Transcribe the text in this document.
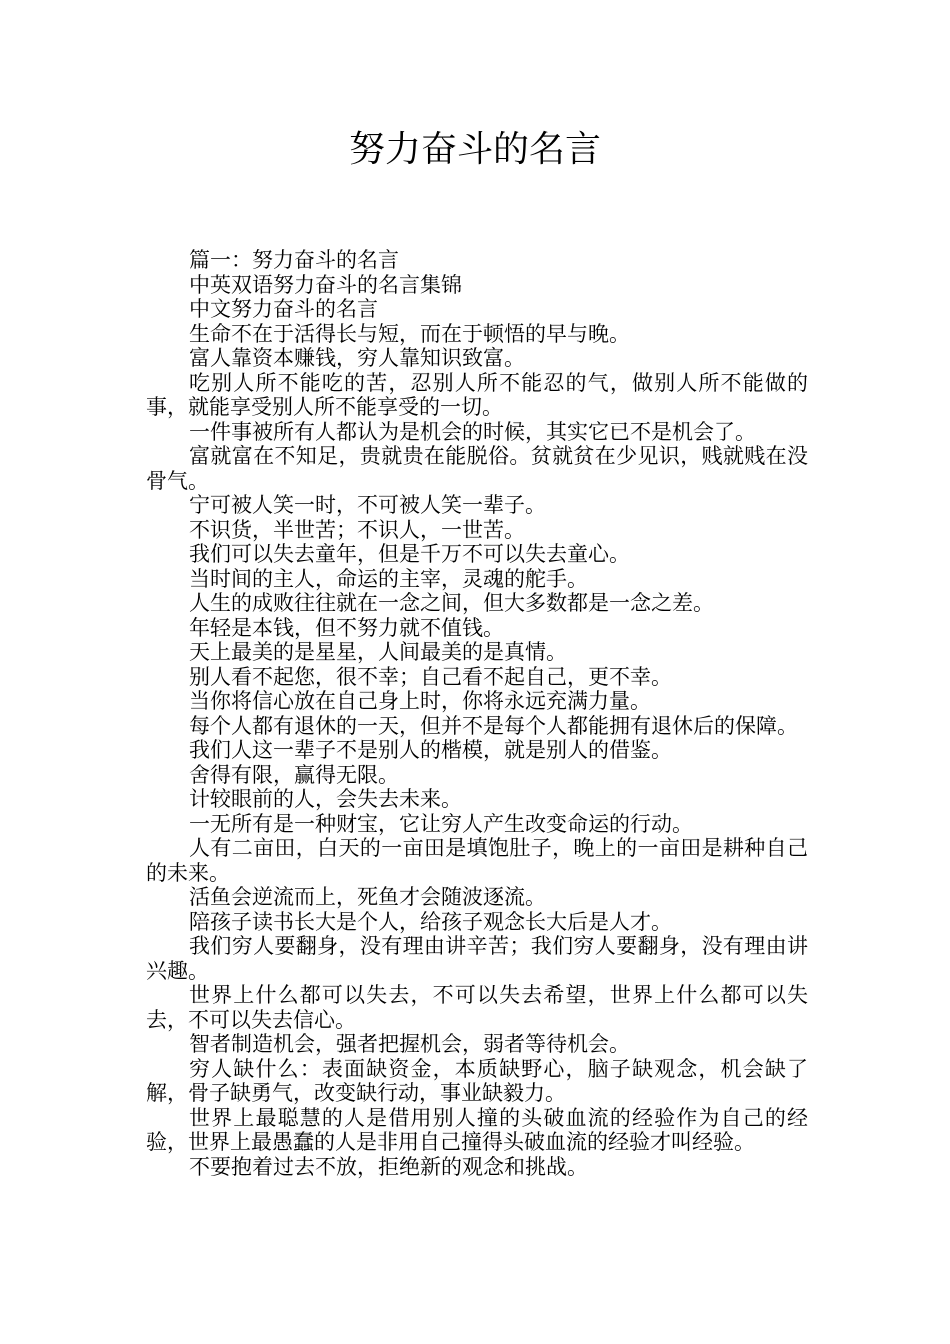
努力奋斗的名言

篇一：努力奋斗的名言

中英双语努力奋斗的名言集锦

中文努力奋斗的名言

生命不在于活得长与短，而在于顿悟的早与晚。

富人靠资本赚钱，穷人靠知识致富。

吃别人所不能吃的苦，忍别人所不能忍的气，做别人所不能做的事，就能享受别人所不能享受的一切。

一件事被所有人都认为是机会的时候，其实它已不是机会了。

富就富在不知足，贵就贵在能脱俗。贫就贫在少见识，贱就贱在没骨气。

宁可被人笑一时，不可被人笑一辈子。

不识货，半世苦；不识人，一世苦。

我们可以失去童年，但是千万不可以失去童心。

当时间的主人，命运的主宰，灵魂的舵手。

人生的成败往往就在一念之间，但大多数都是一念之差。

年轻是本钱，但不努力就不值钱。

天上最美的是星星，人间最美的是真情。

别人看不起您，很不幸；自己看不起自己，更不幸。

当你将信心放在自己身上时，你将永远充满力量。

每个人都有退休的一天，但并不是每个人都能拥有退休后的保障。

我们人这一辈子不是别人的楷模，就是别人的借鉴。

舍得有限，赢得无限。

计较眼前的人，会失去未来。

一无所有是一种财宝，它让穷人产生改变命运的行动。

人有二亩田，白天的一亩田是填饱肚子，晚上的一亩田是耕种自己的未来。

活鱼会逆流而上，死鱼才会随波逐流。

陪孩子读书长大是个人，给孩子观念长大后是人才。

我们穷人要翻身，没有理由讲辛苦；我们穷人要翻身，没有理由讲兴趣。

世界上什么都可以失去，不可以失去希望，世界上什么都可以失去，不可以失去信心。

智者制造机会，强者把握机会，弱者等待机会。

穷人缺什么：表面缺资金，本质缺野心，脑子缺观念，机会缺了解，骨子缺勇气，改变缺行动，事业缺毅力。

世界上最聪慧的人是借用别人撞的头破血流的经验作为自己的经验，世界上最愚蠢的人是非用自己撞得头破血流的经验才叫经验。

不要抱着过去不放，拒绝新的观念和挑战。
